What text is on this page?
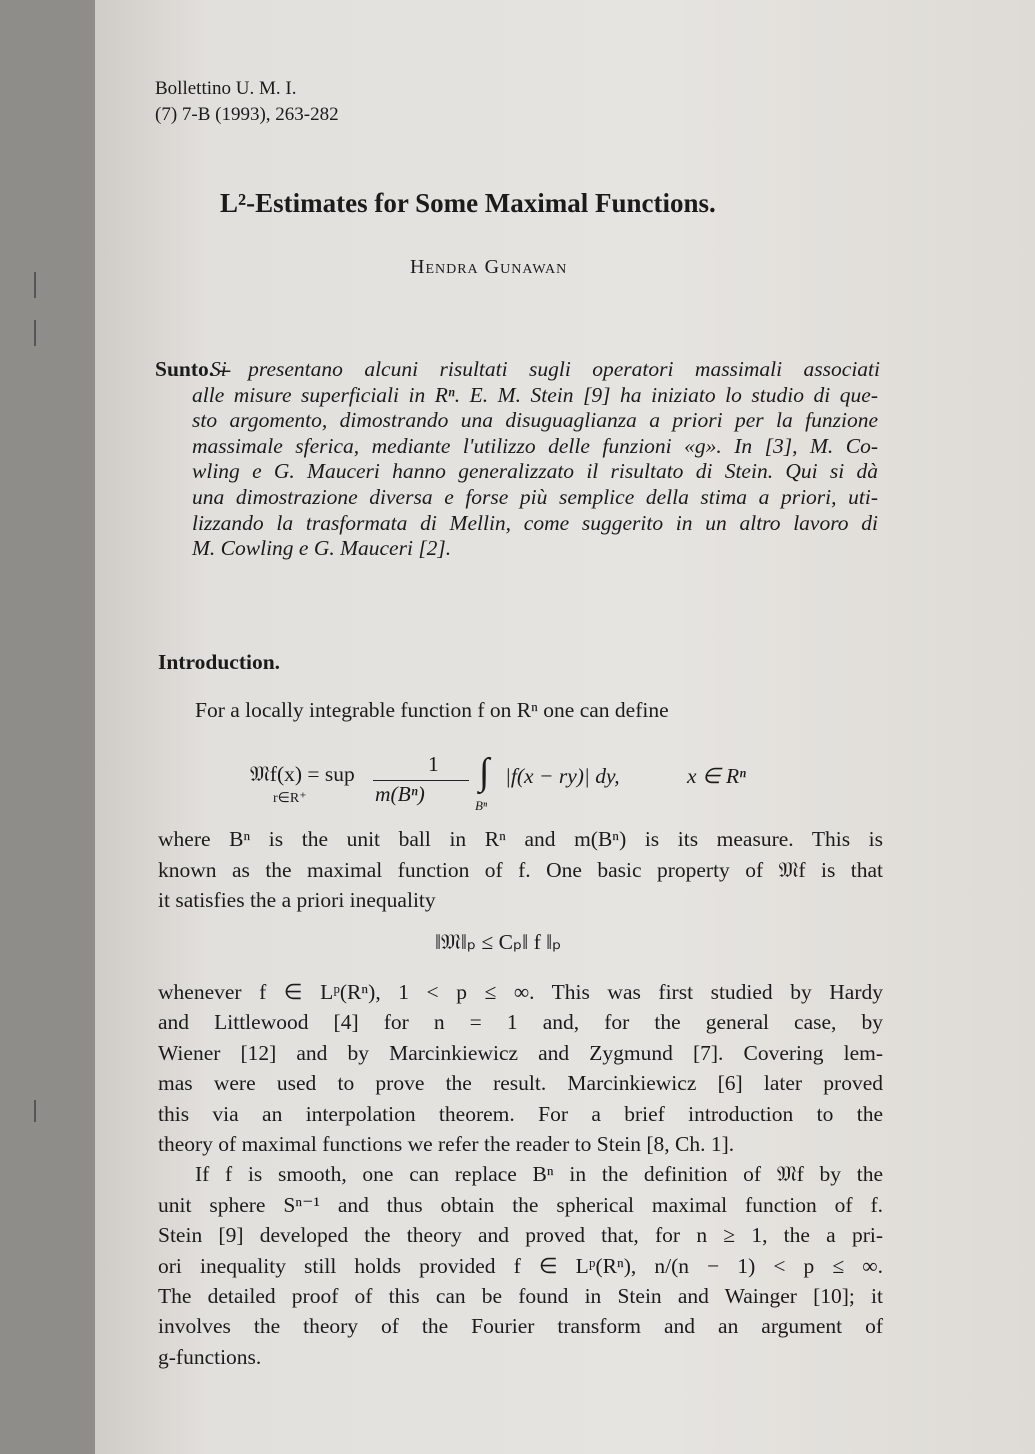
Bollettino U. M. I.
(7) 7-B (1993), 263-282
L²-Estimates for Some Maximal Functions.
Hendra Gunawan
Sunto. –
Si presentano alcuni risultati sugli operatori massimali associati
alle misure superficiali in Rⁿ. E. M. Stein [9] ha iniziato lo studio di que-
sto argomento, dimostrando una disuguaglianza a priori per la funzione
massimale sferica, mediante l'utilizzo delle funzioni «g». In [3], M. Co-
wling e G. Mauceri hanno generalizzato il risultato di Stein. Qui si dà
una dimostrazione diversa e forse più semplice della stima a priori, uti-
lizzando la trasformata di Mellin, come suggerito in un altro lavoro di
M. Cowling e G. Mauceri [2].
Introduction.
For a locally integrable function f on Rⁿ one can define
𝔐f(x) = sup
r∈R⁺
1
m(Bⁿ)
∫
Bⁿ
|f(x − ry)| dy,	x ∈ Rⁿ
where Bⁿ is the unit ball in Rⁿ and m(Bⁿ) is its measure. This is
known as the maximal function of f. One basic property of 𝔐f is that
it satisfies the a priori inequality
‖𝔐‖ₚ ≤ Cₚ‖ f ‖ₚ
whenever f ∈ Lᵖ(Rⁿ), 1 < p ≤ ∞. This was first studied by Hardy
and Littlewood [4] for n = 1 and, for the general case, by
Wiener [12] and by Marcinkiewicz and Zygmund [7]. Covering lem-
mas were used to prove the result. Marcinkiewicz [6] later proved
this via an interpolation theorem. For a brief introduction to the
theory of maximal functions we refer the reader to Stein [8, Ch. 1].
If f is smooth, one can replace Bⁿ in the definition of 𝔐f by the
unit sphere Sⁿ⁻¹ and thus obtain the spherical maximal function of f.
Stein [9] developed the theory and proved that, for n ≥ 1, the a pri-
ori inequality still holds provided f ∈ Lᵖ(Rⁿ), n/(n − 1) < p ≤ ∞.
The detailed proof of this can be found in Stein and Wainger [10]; it
involves the theory of the Fourier transform and an argument of
g-functions.
